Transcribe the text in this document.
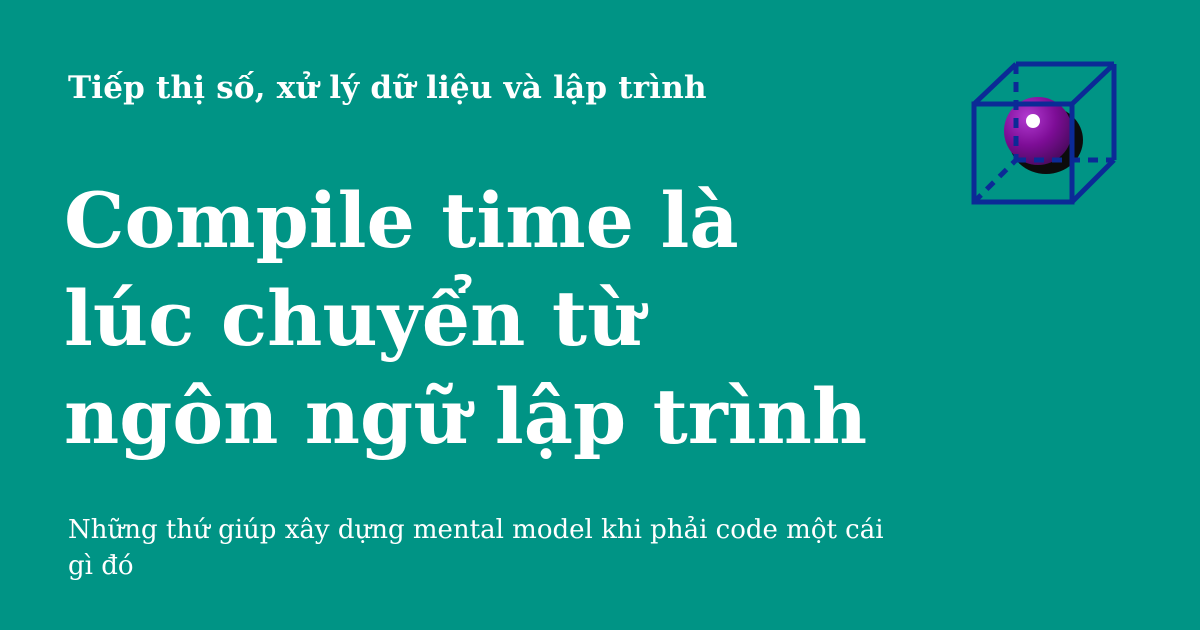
Tiếp thị số, xử lý dữ liệu và lập trình
Compile time là
lúc chuyển từ
ngôn ngữ lập trình
Những thứ giúp xây dựng mental model khi phải code một cái gì đó
